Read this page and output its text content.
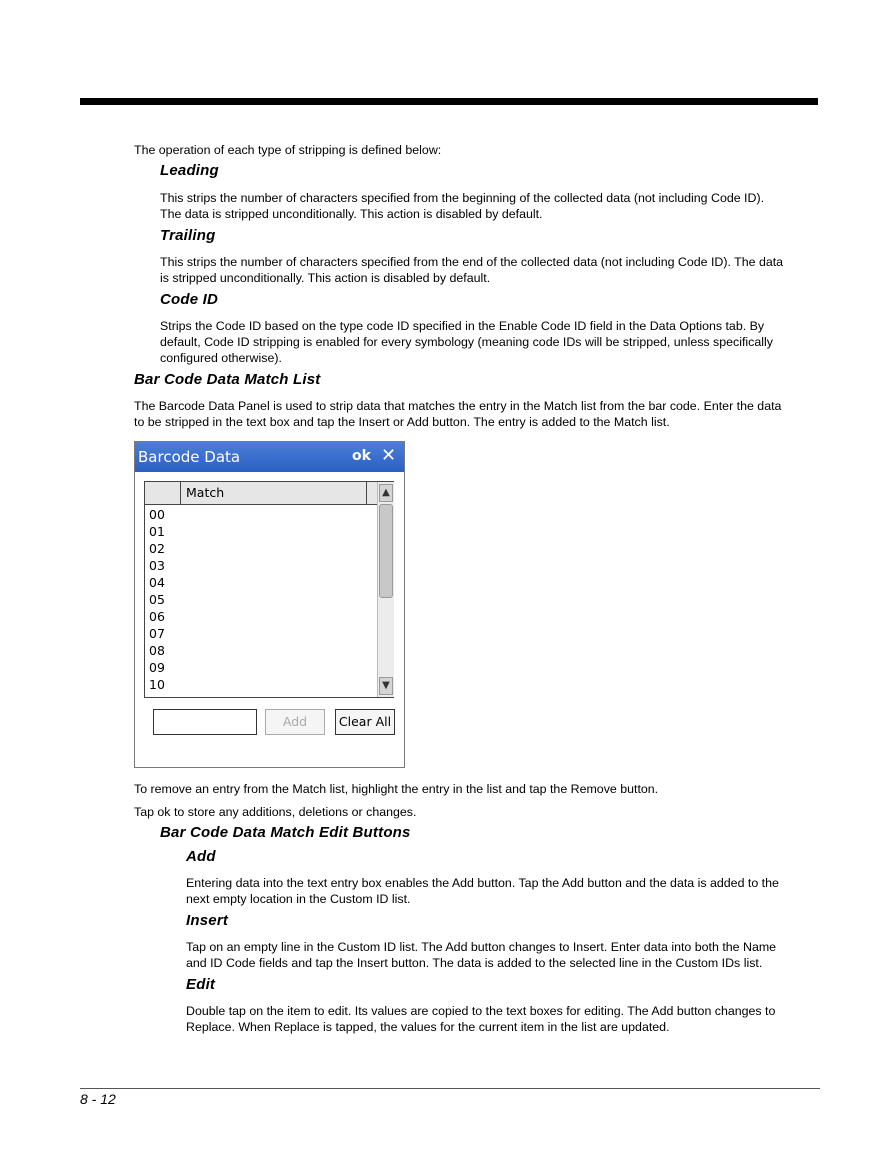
The operation of each type of stripping is defined below:

Leading

This strips the number of characters specified from the beginning of the collected data (not including Code ID).

The data is stripped unconditionally. This action is disabled by default.

Trailing

This strips the number of characters specified from the end of the collected data (not including Code ID). The data

is stripped unconditionally. This action is disabled by default.

Code ID

Strips the Code ID based on the type code ID specified in the Enable Code ID field in the Data Options tab. By

default, Code ID stripping is enabled for every symbology (meaning code IDs will be stripped, unless specifically

configured otherwise).

Bar Code Data Match List

The Barcode Data Panel is used to strip data that matches the entry in the Match list from the bar code. Enter the data

to be stripped in the text box and tap the Insert or Add button. The entry is added to the Match list.

Barcode Data	ok ✕
Match
00
01
02
03
04
05
06
07
08
09
10
▲
▼
Add	Clear All

To remove an entry from the Match list, highlight the entry in the list and tap the Remove button.

Tap ok to store any additions, deletions or changes.

Bar Code Data Match Edit Buttons
Add

Entering data into the text entry box enables the Add button. Tap the Add button and the data is added to the

next empty location in the Custom ID list.

Insert

Tap on an empty line in the Custom ID list. The Add button changes to Insert. Enter data into both the Name

and ID Code fields and tap the Insert button. The data is added to the selected line in the Custom IDs list.

Edit

Double tap on the item to edit. Its values are copied to the text boxes for editing. The Add button changes to

Replace. When Replace is tapped, the values for the current item in the list are updated.

8 - 12
